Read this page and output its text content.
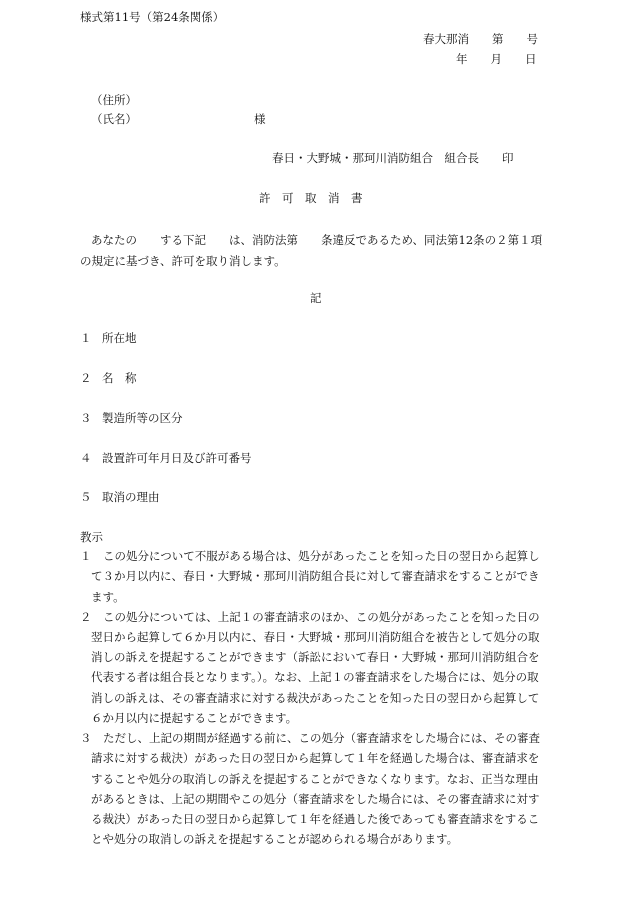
様式第11号（第24条関係）
春大那消　　第　　号
年　　月　　日
（住所）
（氏名）	様
春日・大野城・那珂川消防組合　組合長　　印
許　可　取　消　書
あなたの　　する下記　　は、消防法第　　条違反であるため、同法第12条の２第１項
の規定に基づき、許可を取り消します。
記
１ 所在地
２ 名　称
３ 製造所等の区分
４ 設置許可年月日及び許可番号
５ 取消の理由
教示
１ この処分について不服がある場合は、処分があったことを知った日の翌日から起算し
て３か月以内に、春日・大野城・那珂川消防組合長に対して審査請求をすることができ
ます。
２ この処分については、上記１の審査請求のほか、この処分があったことを知った日の
翌日から起算して６か月以内に、春日・大野城・那珂川消防組合を被告として処分の取
消しの訴えを提起することができます（訴訟において春日・大野城・那珂川消防組合を
代表する者は組合長となります。）。なお、上記１の審査請求をした場合には、処分の取
消しの訴えは、その審査請求に対する裁決があったことを知った日の翌日から起算して
６か月以内に提起することができます。
３ ただし、上記の期間が経過する前に、この処分（審査請求をした場合には、その審査
請求に対する裁決）があった日の翌日から起算して１年を経過した場合は、審査請求を
することや処分の取消しの訴えを提起することができなくなります。なお、正当な理由
があるときは、上記の期間やこの処分（審査請求をした場合には、その審査請求に対す
る裁決）があった日の翌日から起算して１年を経過した後であっても審査請求をするこ
とや処分の取消しの訴えを提起することが認められる場合があります。
